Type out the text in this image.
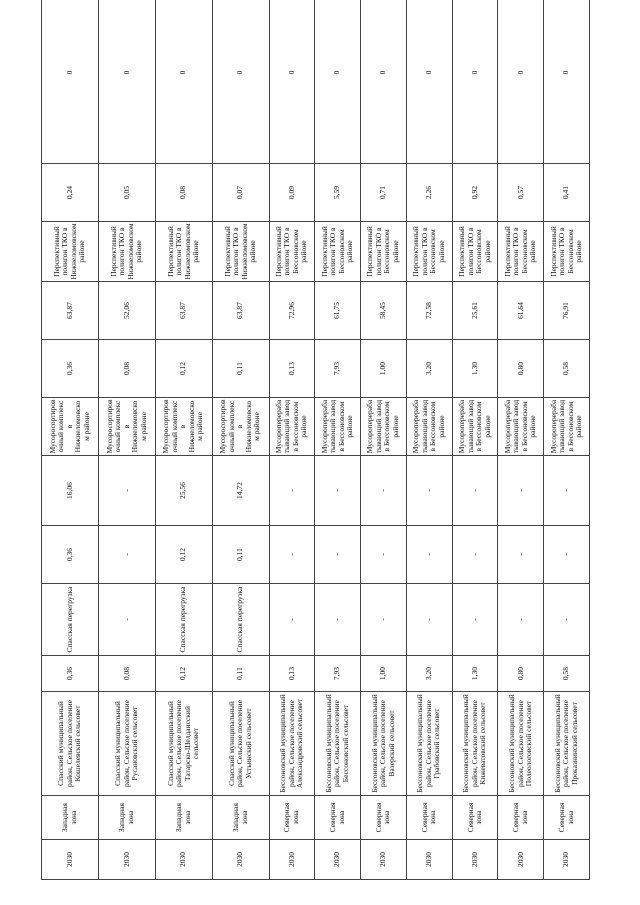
2030	Западная зона	Спасский муниципальный район, Сельское поселение Кошелевский сельсовет	0,36	Спасская перегрузка	0,36	16,06	Мусоросортировочный комплекс в Нижнеломовском районе	0,36	63,87	Перспективный полигон ТКО в Нижнеломовском районе	0,24	0
2030	Западная зона	Спасский муниципальный район, Сельское поселение Русановский сельсовет	0,08	-	-	-	Мусоросортировочный комплекс в Нижнеломовском районе	0,08	52,06	Перспективный полигон ТКО в Нижнеломовском районе	0,05	0
2030	Западная зона	Спасский муниципальный район, Сельское поселение Татарско-Шелдаисский сельсовет	0,12	Спасская перегрузка	0,12	25,56	Мусоросортировочный комплекс в Нижнеломовском районе	0,12	63,87	Перспективный полигон ТКО в Нижнеломовском районе	0,08	0
2030	Западная зона	Спасский муниципальный район, Сельское поселение Устьинский сельсовет	0,11	Спасская перегрузка	0,11	14,72	Мусоросортировочный комплекс в Нижнеломовском районе	0,11	63,87	Перспективный полигон ТКО в Нижнеломовском районе	0,07	0
2030	Северная зона	Бессоновский муниципальный район, Сельское поселение Александровский сельсовет	0,13	-	-	-	Мусороперерабатывающий завод в Бессоновском районе	0,13	72,96	Перспективный полигон ТКО в Бессоновском районе	0,09	0
2030	Северная зона	Бессоновский муниципальный район, Сельское поселение Бессоновский сельсовет	7,93	-	-	-	Мусороперерабатывающий завод в Бессоновском районе	7,93	61,75	Перспективный полигон ТКО в Бессоновском районе	5,59	0
2030	Северная зона	Бессоновский муниципальный район, Сельское поселение Вазерский сельсовет	1,00	-	-	-	Мусороперерабатывающий завод в Бессоновском районе	1,00	58,45	Перспективный полигон ТКО в Бессоновском районе	0,71	0
2030	Северная зона	Бессоновский муниципальный район, Сельское поселение Грабовский сельсовет	3,20	-	-	-	Мусороперерабатывающий завод в Бессоновском районе	3,20	72,58	Перспективный полигон ТКО в Бессоновском районе	2,26	0
2030	Северная зона	Бессоновский муниципальный район, Сельское поселение Кижеватовский сельсовет	1,30	-	-	-	Мусороперерабатывающий завод в Бессоновском районе	1,30	25,61	Перспективный полигон ТКО в Бессоновском районе	0,92	0
2030	Северная зона	Бессоновский муниципальный район, Сельское поселение Полеологовский сельсовет	0,80	-	-	-	Мусороперерабатывающий завод в Бессоновском районе	0,80	61,64	Перспективный полигон ТКО в Бессоновском районе	0,57	0
2030	Северная зона	Бессоновский муниципальный район, Сельское поселение Проказнинский сельсовет	0,58	-	-	-	Мусороперерабатывающий завод в Бессоновском районе	0,58	76,91	Перспективный полигон ТКО в Бессоновском районе	0,41	0
